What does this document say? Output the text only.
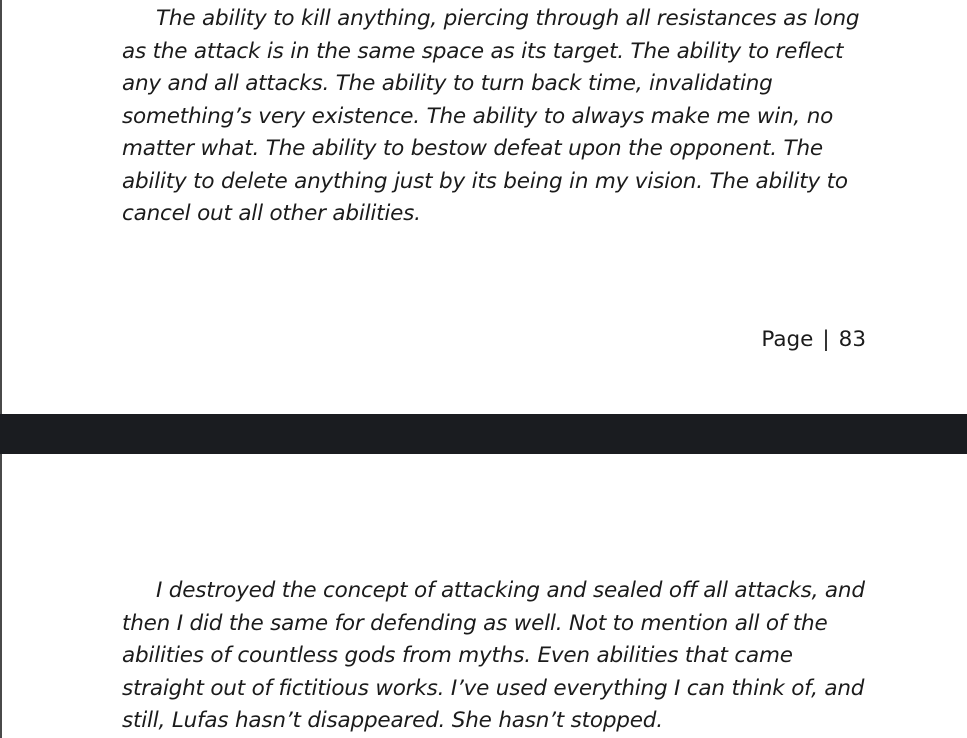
The ability to kill anything, piercing through all resistances as long
as the attack is in the same space as its target. The ability to reflect
any and all attacks. The ability to turn back time, invalidating
something’s very existence. The ability to always make me win, no
matter what. The ability to bestow defeat upon the opponent. The
ability to delete anything just by its being in my vision. The ability to
cancel out all other abilities.

Page | 83

I destroyed the concept of attacking and sealed off all attacks, and
then I did the same for defending as well. Not to mention all of the
abilities of countless gods from myths. Even abilities that came
straight out of fictitious works. I’ve used everything I can think of, and
still, Lufas hasn’t disappeared. She hasn’t stopped.
